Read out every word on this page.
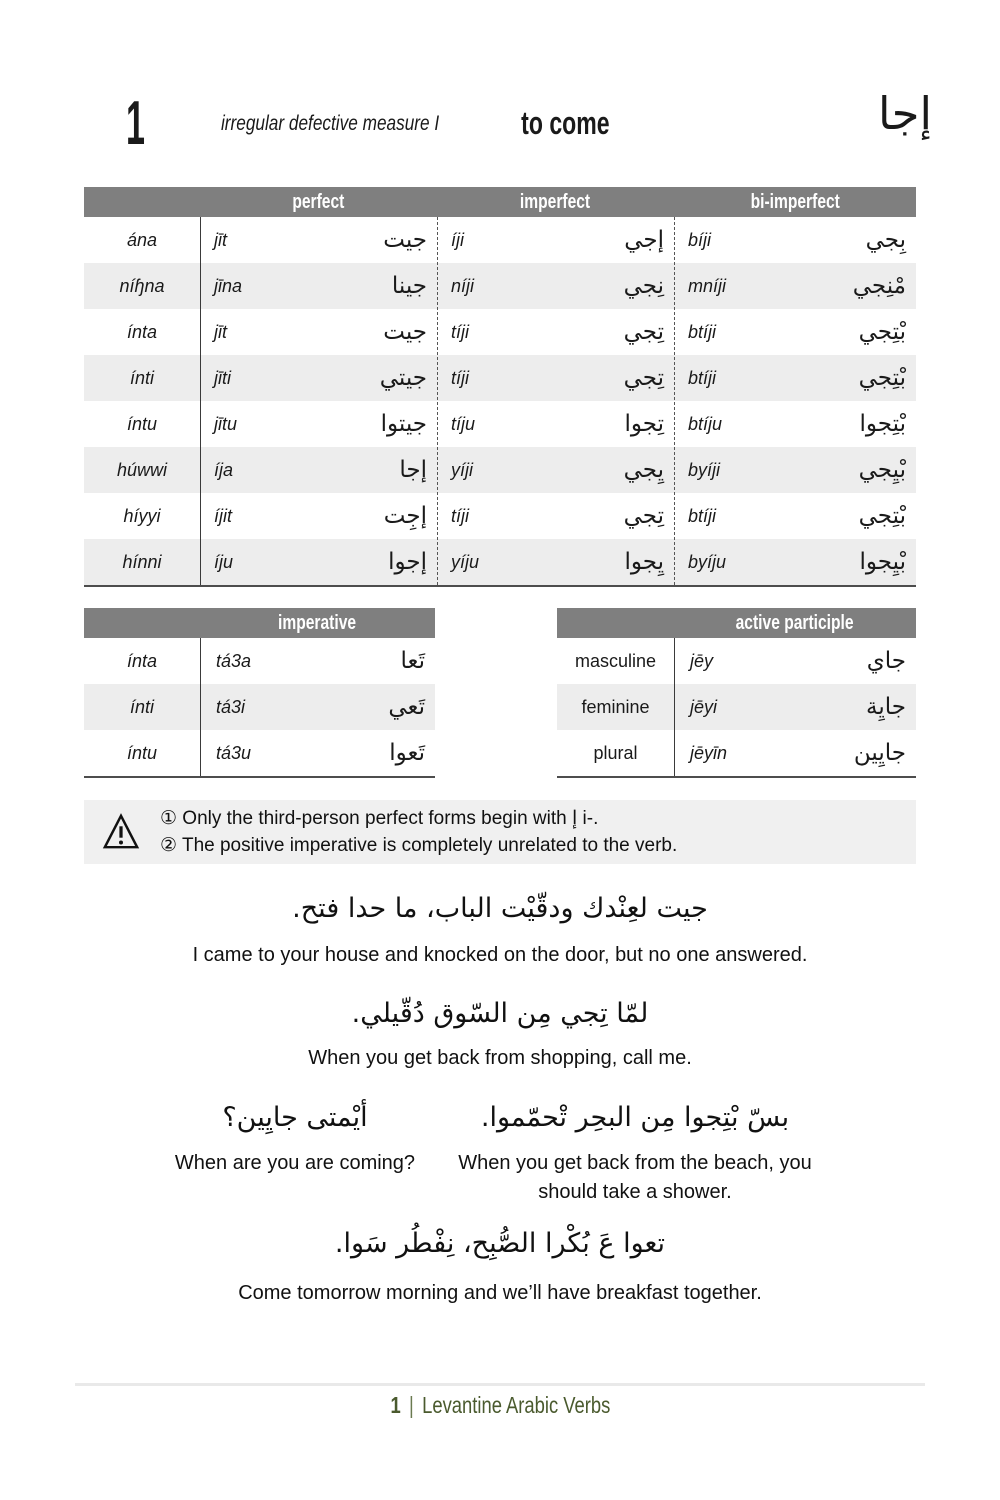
1	irregular defective measure I	to come	إجا
perfect	imperfect	bi-imperfect
ána	jīt	جيت	íji	إجي	bíji	بِجي
níɧna	jīna	جينا	níji	نِجي	mníji	مْنِجي
ínta	jīt	جيت	tíji	تِجي	btíji	بْتِجي
ínti	jīti	جيتي	tíji	تِجي	btíji	بْتِجي
íntu	jītu	جيتوا	tíju	تِجوا	btíju	بْتِجوا
húwwi	íja	إجا	yíji	يِجي	byíji	بْيِجي
híyyi	íjit	إجِت	tíji	تِجي	btíji	بْتِجي
hínni	íju	إجوا	yíju	يِجوا	byíju	بْيِجوا
imperative
ínta	tá3a	تَعا
ínti	tá3i	تَعي
íntu	tá3u	تَعوا
active participle
masculine	jēy	جاي
feminine	jēyi	جايِة
plural	jēyīn	جايِين
① Only the third-person perfect forms begin with إ i-.
② The positive imperative is completely unrelated to the verb.
جيت لعِنْدك ودقّيْت الباب، ما حدا فتح.
I came to your house and knocked on the door, but no one answered.
لمّا تِجي مِن السّوق دُقّيلي.
When you get back from shopping, call me.
أيْمتى جايِين؟
When are you are coming?
بسّ بْتِجوا مِن البحِر تْحمّموا.
When you get back from the beach, you should take a shower.
تعوا عَ بُكْرا الصُّبِح، نِفْطُر سَوا.
Come tomorrow morning and we’ll have breakfast together.
1 | Levantine Arabic Verbs
